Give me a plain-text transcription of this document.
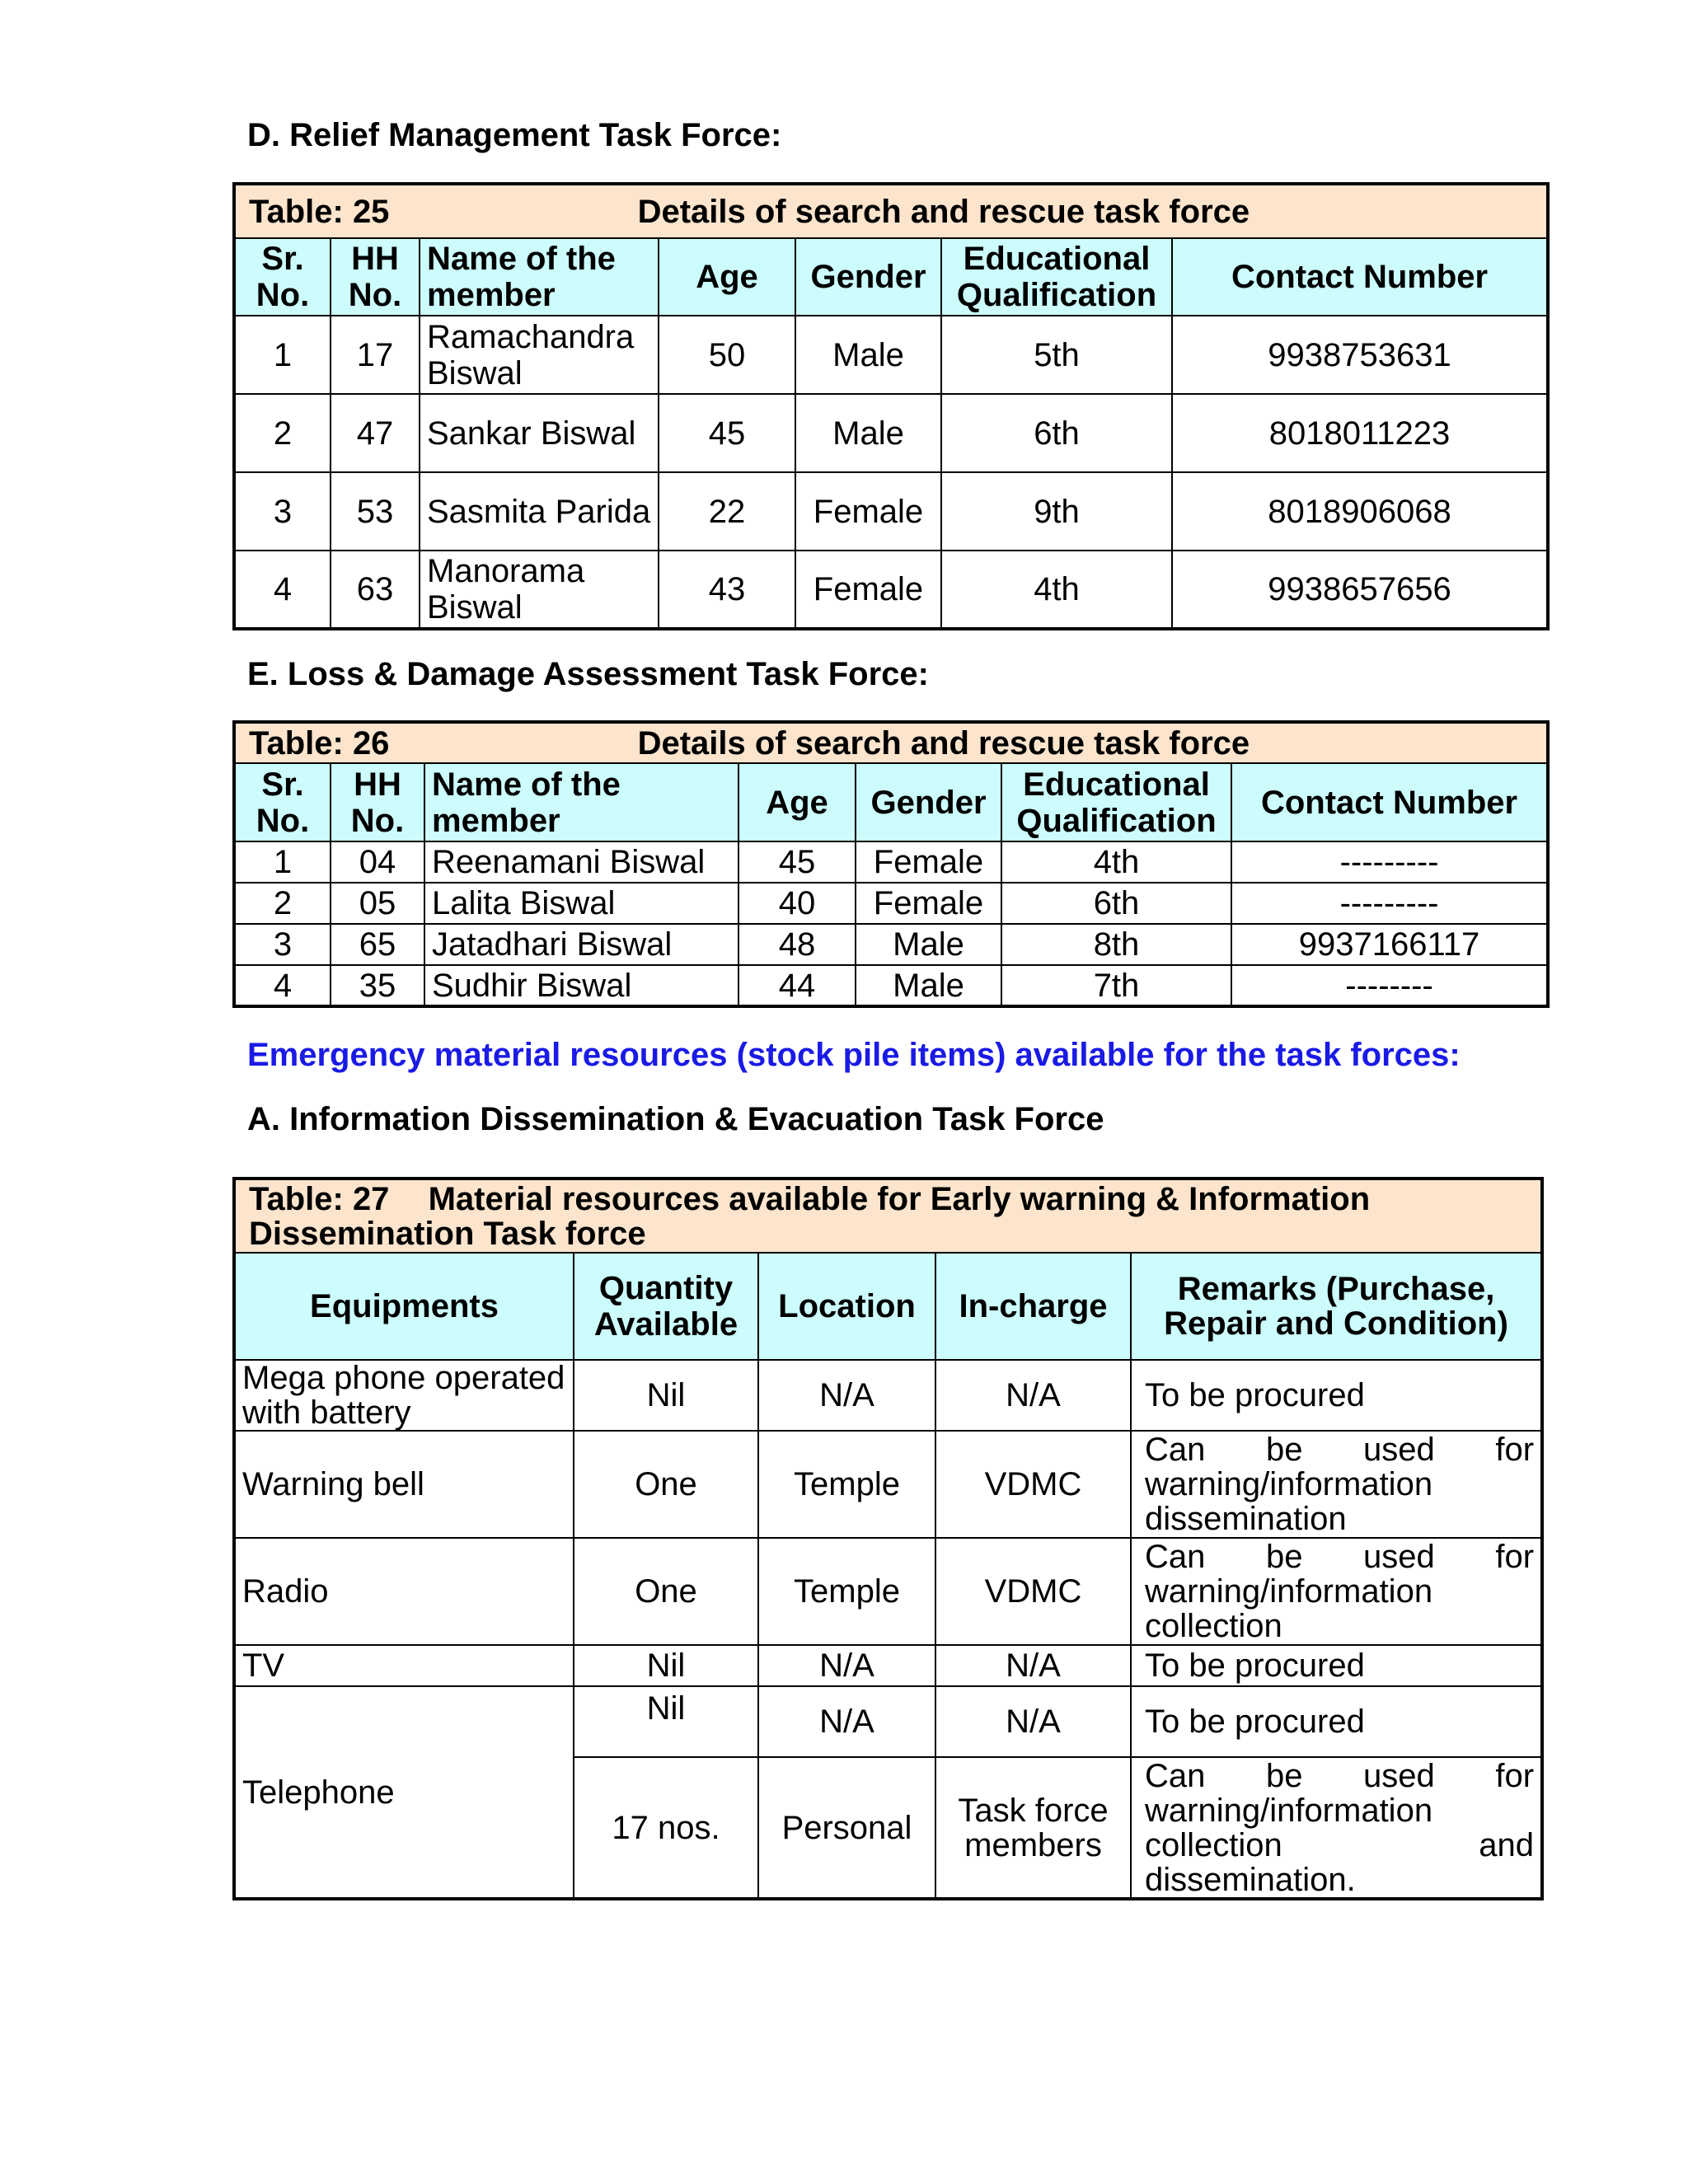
D. Relief Management Task Force:
Table: 25 Details of search and rescue task force						
Sr. No.	HH No.	Name of the member	Age	Gender	Educational Qualification	Contact Number
1	17	Ramachandra Biswal	50	Male	5th	9938753631
2	47	Sankar Biswal	45	Male	6th	8018011223
3	53	Sasmita Parida	22	Female	9th	8018906068
4	63	Manorama Biswal	43	Female	4th	9938657656
E. Loss & Damage Assessment Task Force:
Table: 26 Details of search and rescue task force						
Sr. No.	HH No.	Name of the member	Age	Gender	Educational Qualification	Contact Number
1	04	Reenamani Biswal	45	Female	4th	---------
2	05	Lalita Biswal	40	Female	6th	---------
3	65	Jatadhari Biswal	48	Male	8th	9937166117
4	35	Sudhir Biswal	44	Male	7th	--------
Emergency material resources (stock pile items) available for the task forces:
A. Information Dissemination & Evacuation Task Force
Table: 27 Material resources available for Early warning & Information Dissemination Task force				
Equipments	Quantity Available	Location	In-charge	Remarks (Purchase, Repair and Condition)
Mega phone operated with battery	Nil	N/A	N/A	To be procured
Warning bell	One	Temple	VDMC	Can be used for warning/information dissemination
Radio	One	Temple	VDMC	Can be used for warning/information collection
TV	Nil	N/A	N/A	To be procured
Telephone	Nil	N/A	N/A	To be procured
	17 nos.	Personal	Task force members	Can be used for warning/information collection and dissemination.
